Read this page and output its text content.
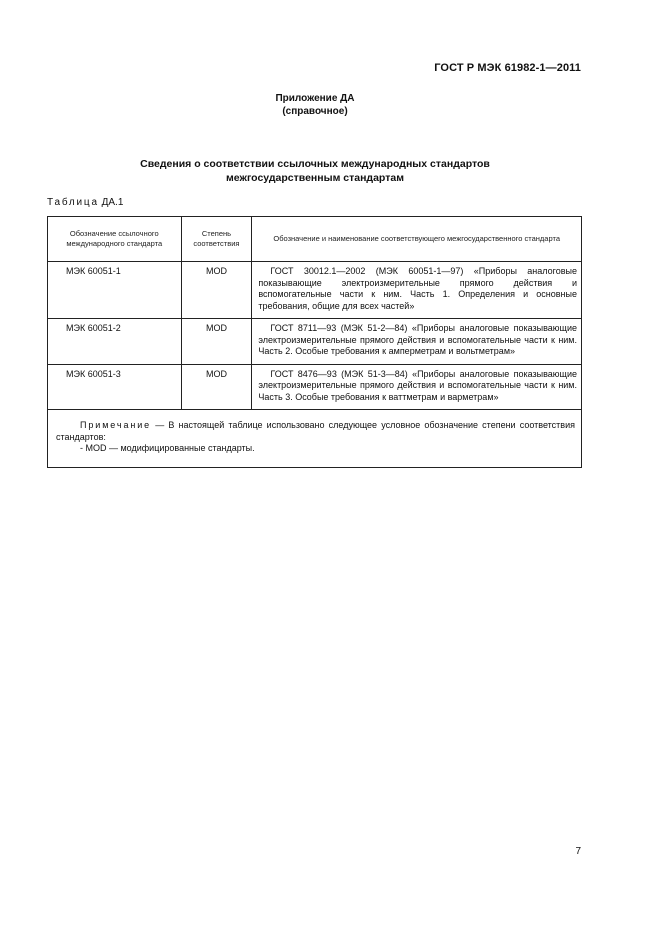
ГОСТ Р МЭК 61982-1—2011
Приложение ДА
(справочное)
Сведения о соответствии ссылочных международных стандартов
межгосударственным стандартам
Таблица ДА.1
Обозначение ссылочного международного стандарта	Степень соответствия	Обозначение и наименование соответствующего межгосударственного стандарта
МЭК 60051-1	MOD	ГОСТ 30012.1—2002 (МЭК 60051-1—97) «Приборы аналоговые показывающие электроизмерительные прямого действия и вспомогательные части к ним. Часть 1. Определения и основные требования, общие для всех частей»

МЭК 60051-2	MOD	ГОСТ 8711—93 (МЭК 51-2—84) «Приборы аналоговые показывающие электроизмерительные прямого действия и вспомогательные части к ним. Часть 2. Особые требования к амперметрам и вольтметрам»

МЭК 60051-3	MOD	ГОСТ 8476—93 (МЭК 51-3—84) «Приборы аналоговые показывающие электроизмерительные прямого действия и вспомогательные части к ним. Часть 3. Особые требования к ваттметрам и варметрам»

Примечание — В настоящей таблице использовано следующее условное обозначение степени соответствия стандартов:

- MOD — модифицированные стандарты.		

7
